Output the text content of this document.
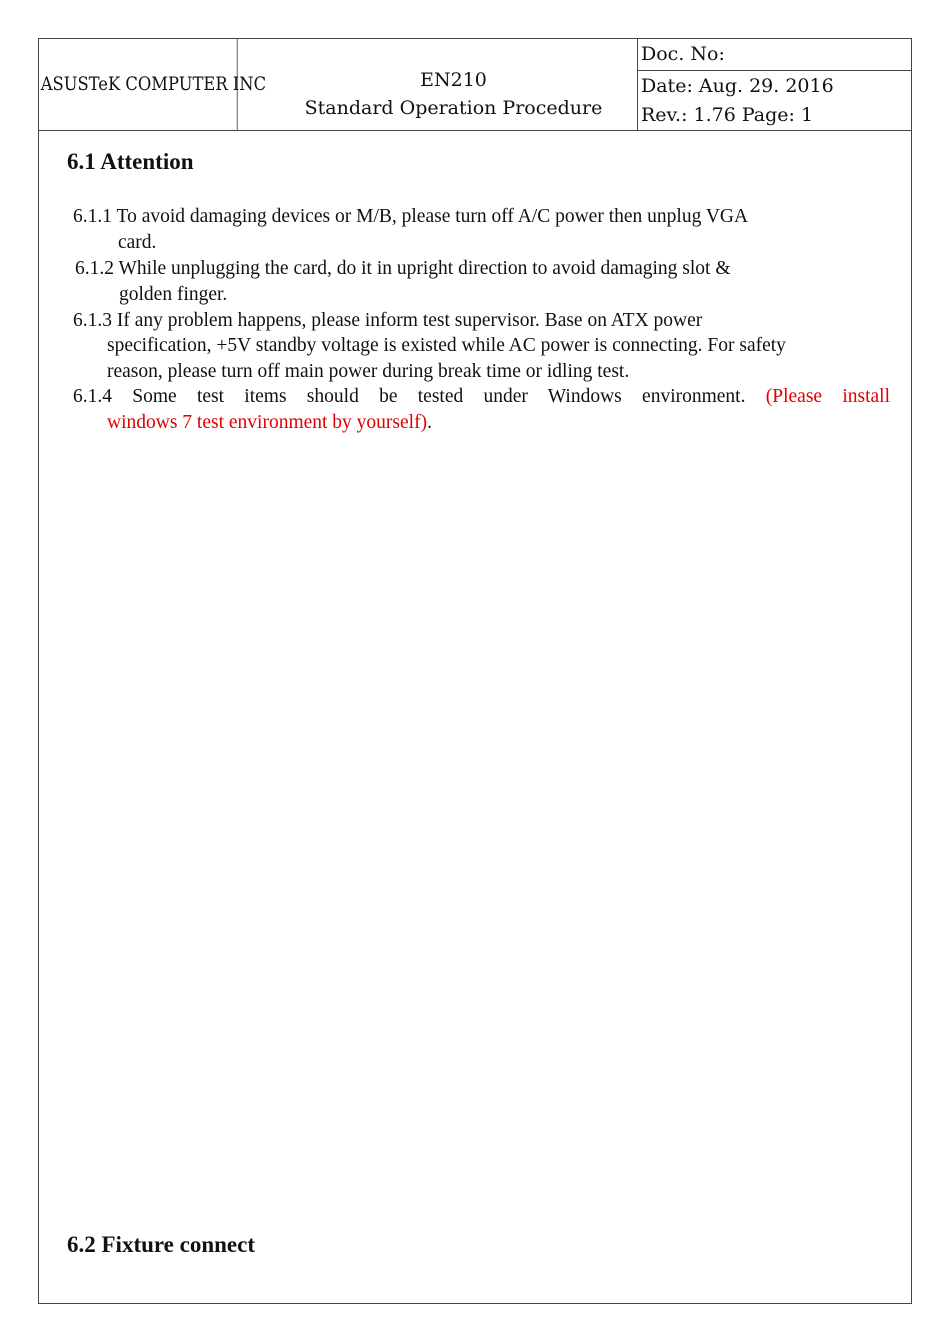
ASUSTeK COMPUTER INC	EN210
Standard Operation Procedure
Doc. No:
Date: Aug. 29. 2016
Rev.: 1.76 Page: 1
6.1 Attention
6.1.1 To avoid damaging devices or M/B, please turn off A/C power then unplug VGA
card.
6.1.2 While unplugging the card, do it in upright direction to avoid damaging slot &
golden finger.
6.1.3 If any problem happens, please inform test supervisor. Base on ATX power
specification, +5V standby voltage is existed while AC power is connecting. For safety
reason, please turn off main power during break time or idling test.
6.1.4 Some test items should be tested under Windows environment. (Please install
windows 7 test environment by yourself).
6.2 Fixture connect
